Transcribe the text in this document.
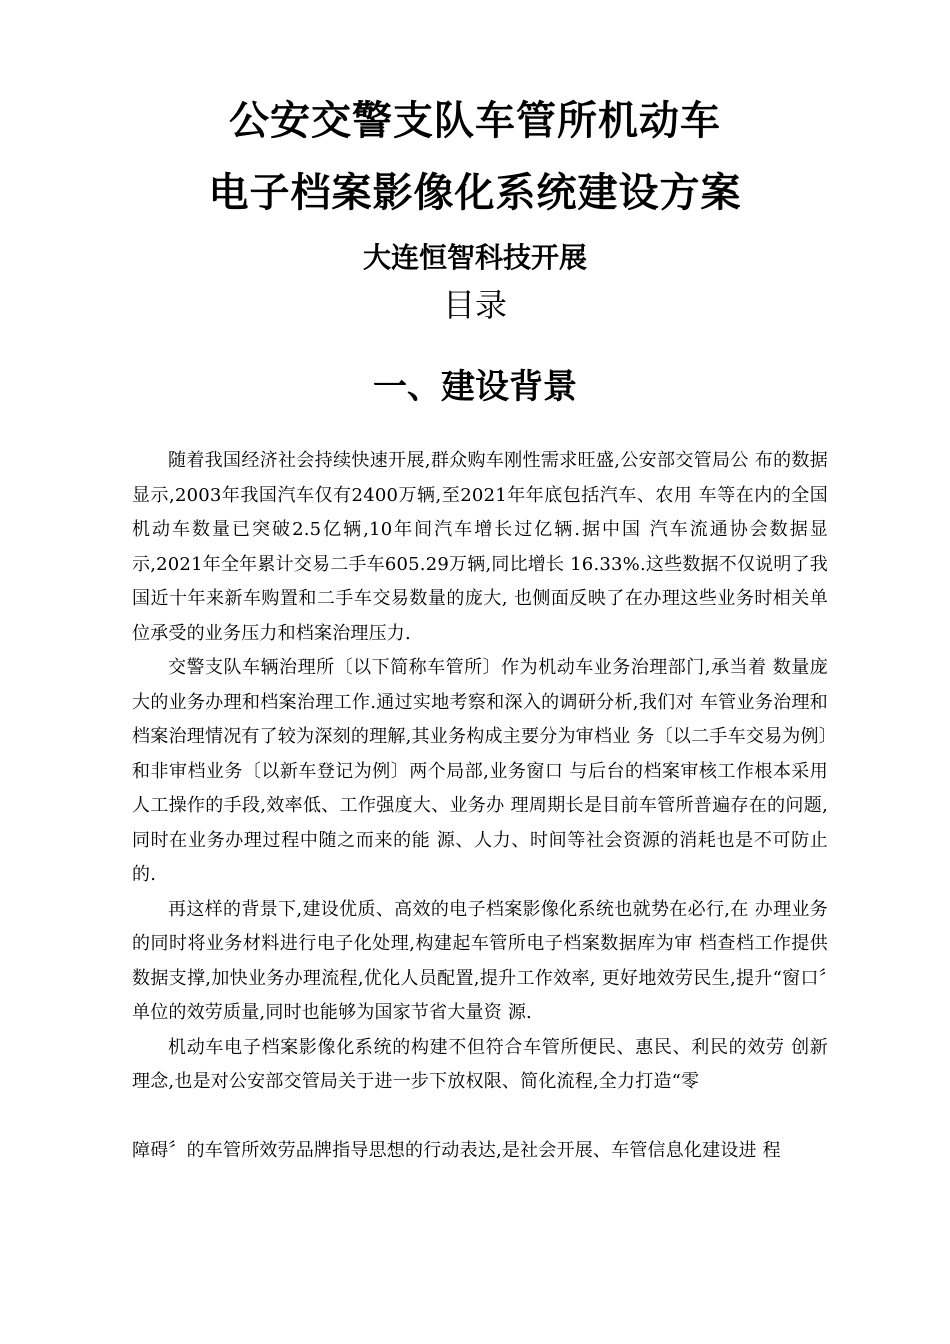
公安交警支队车管所机动车
电子档案影像化系统建设方案
大连恒智科技开展
目录
一、建设背景

随着我国经济社会持续快速开展,群众购车刚性需求旺盛,公安部交管局公 布的数据显示,2003年我国汽车仅有2400万辆,至2021年年底包括汽车、农用 车等在内的全国机动车数量已突破2.5亿辆,10年间汽车增长过亿辆.据中国 汽车流通协会数据显示,2021年全年累计交易二手车605.29万辆,同比增长 16.33%.这些数据不仅说明了我国近十年来新车购置和二手车交易数量的庞大, 也侧面反映了在办理这些业务时相关单位承受的业务压力和档案治理压力.

交警支队车辆治理所〔以下简称车管所〕作为机动车业务治理部门,承当着 数量庞大的业务办理和档案治理工作.通过实地考察和深入的调研分析,我们对 车管业务治理和档案治理情况有了较为深刻的理解,其业务构成主要分为审档业 务〔以二手车交易为例〕和非审档业务〔以新车登记为例〕两个局部,业务窗口 与后台的档案审核工作根本采用人工操作的手段,效率低、工作强度大、业务办 理周期长是目前车管所普遍存在的问题,同时在业务办理过程中随之而来的能 源、人力、时间等社会资源的消耗也是不可防止的.

再这样的背景下,建设优质、高效的电子档案影像化系统也就势在必行,在 办理业务的同时将业务材料进行电子化处理,构建起车管所电子档案数据库为审 档查档工作提供数据支撑,加快业务办理流程,优化人员配置,提升工作效率, 更好地效劳民生,提升“窗口〞单位的效劳质量,同时也能够为国家节省大量资 源.

机动车电子档案影像化系统的构建不但符合车管所便民、惠民、利民的效劳 创新理念,也是对公安部交管局关于进一步下放权限、简化流程,全力打造“零

障碍〞的车管所效劳品牌指导思想的行动表达,是社会开展、车管信息化建设进 程
